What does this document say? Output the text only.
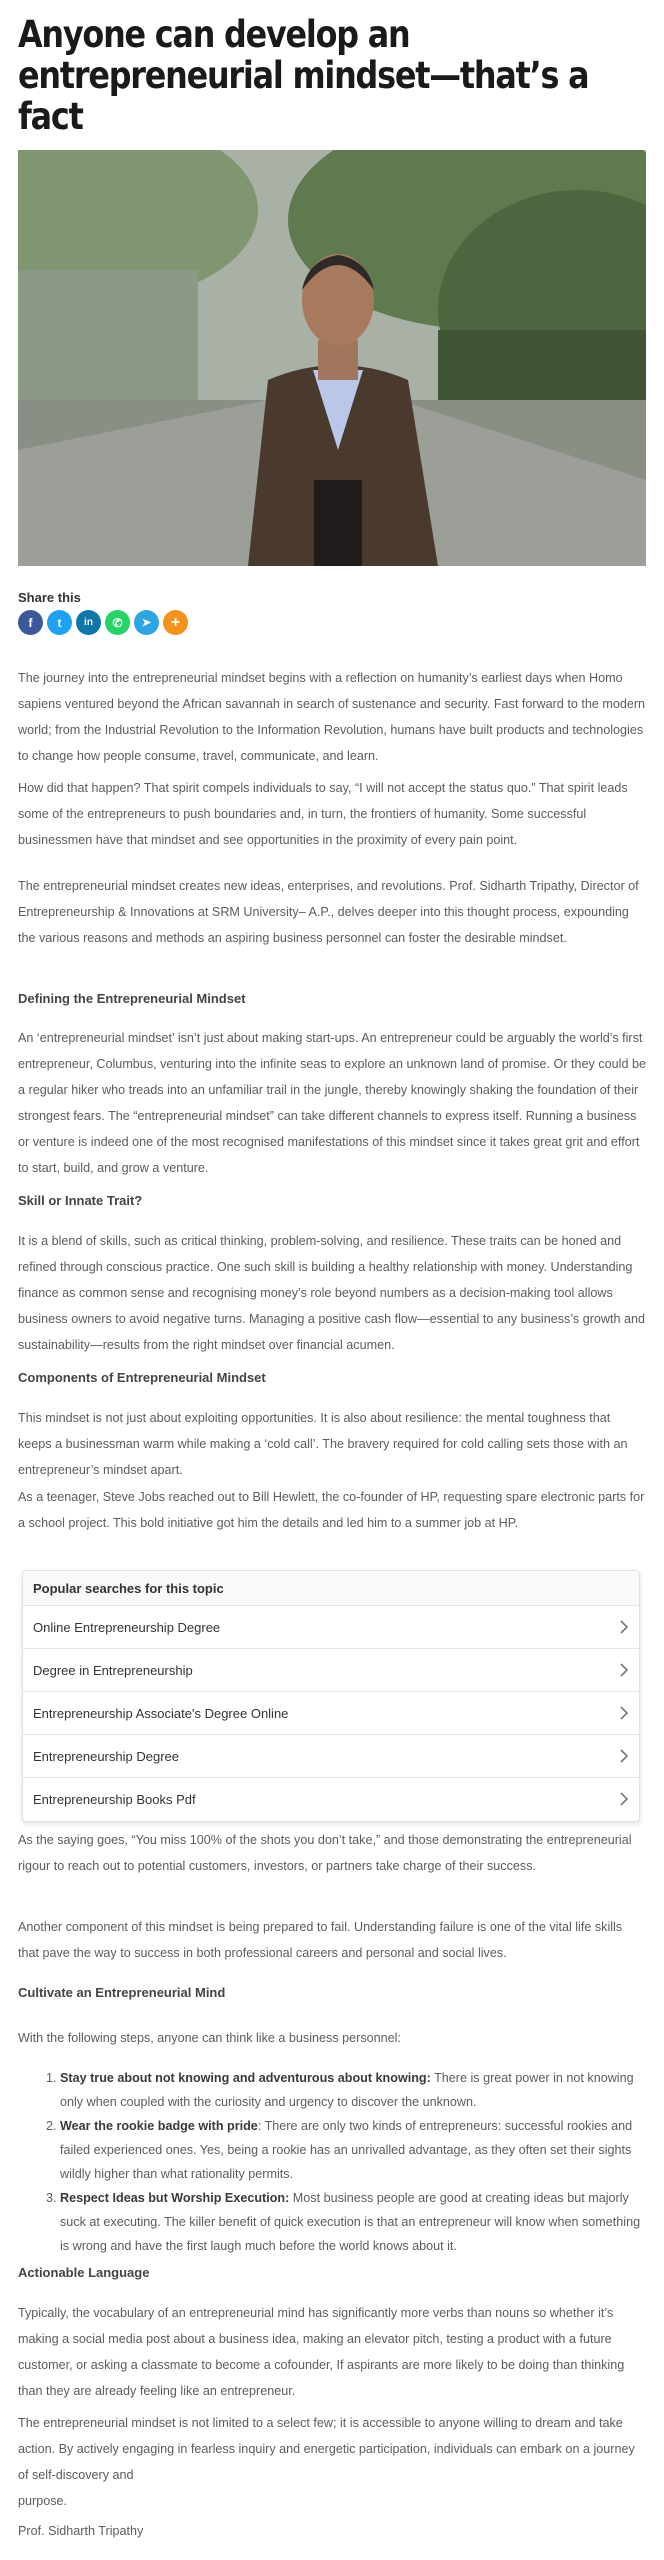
Anyone can develop an entrepreneurial mindset—that’s a fact
Share this
f t in ✆ ➤ +

The journey into the entrepreneurial mindset begins with a reflection on humanity’s earliest days when Homo sapiens ventured beyond the African savannah in search of sustenance and security. Fast forward to the modern world; from the Industrial Revolution to the Information Revolution, humans have built products and technologies to change how people consume, travel, communicate, and learn.

How did that happen? That spirit compels individuals to say, “I will not accept the status quo.” That spirit leads some of the entrepreneurs to push boundaries and, in turn, the frontiers of humanity. Some successful businessmen have that mindset and see opportunities in the proximity of every pain point.

The entrepreneurial mindset creates new ideas, enterprises, and revolutions. Prof. Sidharth Tripathy, Director of Entrepreneurship & Innovations at SRM University– A.P., delves deeper into this thought process, expounding the various reasons and methods an aspiring business personnel can foster the desirable mindset.

Defining the Entrepreneurial Mindset

An ‘entrepreneurial mindset’ isn’t just about making start-ups. An entrepreneur could be arguably the world’s first entrepreneur, Columbus, venturing into the infinite seas to explore an unknown land of promise. Or they could be a regular hiker who treads into an unfamiliar trail in the jungle, thereby knowingly shaking the foundation of their strongest fears. The “entrepreneurial mindset” can take different channels to express itself. Running a business or venture is indeed one of the most recognised manifestations of this mindset since it takes great grit and effort to start, build, and grow a venture.

Skill or Innate Trait?

It is a blend of skills, such as critical thinking, problem-solving, and resilience. These traits can be honed and refined through conscious practice. One such skill is building a healthy relationship with money. Understanding finance as common sense and recognising money’s role beyond numbers as a decision-making tool allows business owners to avoid negative turns. Managing a positive cash flow—essential to any business’s growth and sustainability—results from the right mindset over financial acumen.

Components of Entrepreneurial Mindset

This mindset is not just about exploiting opportunities. It is also about resilience: the mental toughness that keeps a businessman warm while making a ‘cold call’. The bravery required for cold calling sets those with an entrepreneur’s mindset apart.

As a teenager, Steve Jobs reached out to Bill Hewlett, the co-founder of HP, requesting spare electronic parts for a school project. This bold initiative got him the details and led him to a summer job at HP.

Popular searches for this topic
Online Entrepreneurship Degree
Degree in Entrepreneurship
Entrepreneurship Associate's Degree Online
Entrepreneurship Degree
Entrepreneurship Books Pdf

As the saying goes, “You miss 100% of the shots you don’t take,” and those demonstrating the entrepreneurial rigour to reach out to potential customers, investors, or partners take charge of their success.

Another component of this mindset is being prepared to fail. Understanding failure is one of the vital life skills that pave the way to success in both professional careers and personal and social lives.

Cultivate an Entrepreneurial Mind

With the following steps, anyone can think like a business personnel:

1. Stay true about not knowing and adventurous about knowing: There is great power in not knowing only when coupled with the curiosity and urgency to discover the unknown.
2. Wear the rookie badge with pride: There are only two kinds of entrepreneurs: successful rookies and failed experienced ones. Yes, being a rookie has an unrivalled advantage, as they often set their sights wildly higher than what rationality permits.
3. Respect Ideas but Worship Execution: Most business people are good at creating ideas but majorly suck at executing. The killer benefit of quick execution is that an entrepreneur will know when something is wrong and have the first laugh much before the world knows about it.
Actionable Language

Typically, the vocabulary of an entrepreneurial mind has significantly more verbs than nouns so whether it’s making a social media post about a business idea, making an elevator pitch, testing a product with a future customer, or asking a classmate to become a cofounder, If aspirants are more likely to be doing than thinking than they are already feeling like an entrepreneur.

The entrepreneurial mindset is not limited to a select few; it is accessible to anyone willing to dream and take action. By actively engaging in fearless inquiry and energetic participation, individuals can embark on a journey of self-discovery and
purpose.

Prof. Sidharth Tripathy
